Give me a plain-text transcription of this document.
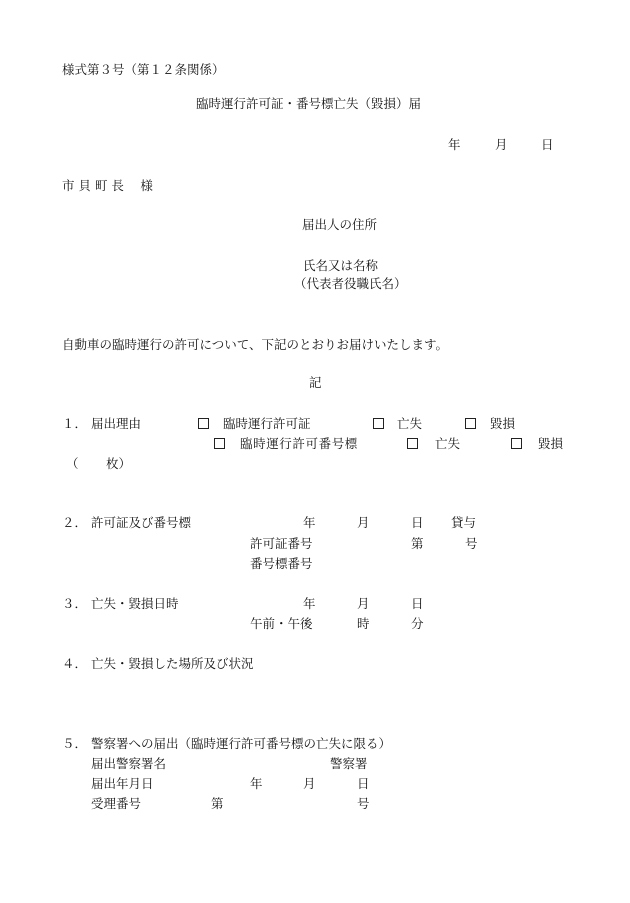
様式第３号（第１２条関係）
臨時運行許可証・番号標亡失（毀損）届
年	月	日
市 貝 町 長　 様
届出人の住所
氏名又は名称
（代表者役職氏名）
自動車の臨時運行の許可について、下記のとおりお届けいたします。
記
１． 届出理由	臨時運行許可証	亡失	毀損
臨時運行許可番号標	亡失	毀損
（ 枚）
２． 許可証及び番号標	年	月	日 貸与
許可証番号	第	号
番号標番号
３． 亡失・毀損日時	年	月	日
午前・午後	時	分
４． 亡失・毀損した場所及び状況
５． 警察署への届出（臨時運行許可番号標の亡失に限る）
届出警察署名	警察署
届出年月日	年	月	日
受理番号	第	号
